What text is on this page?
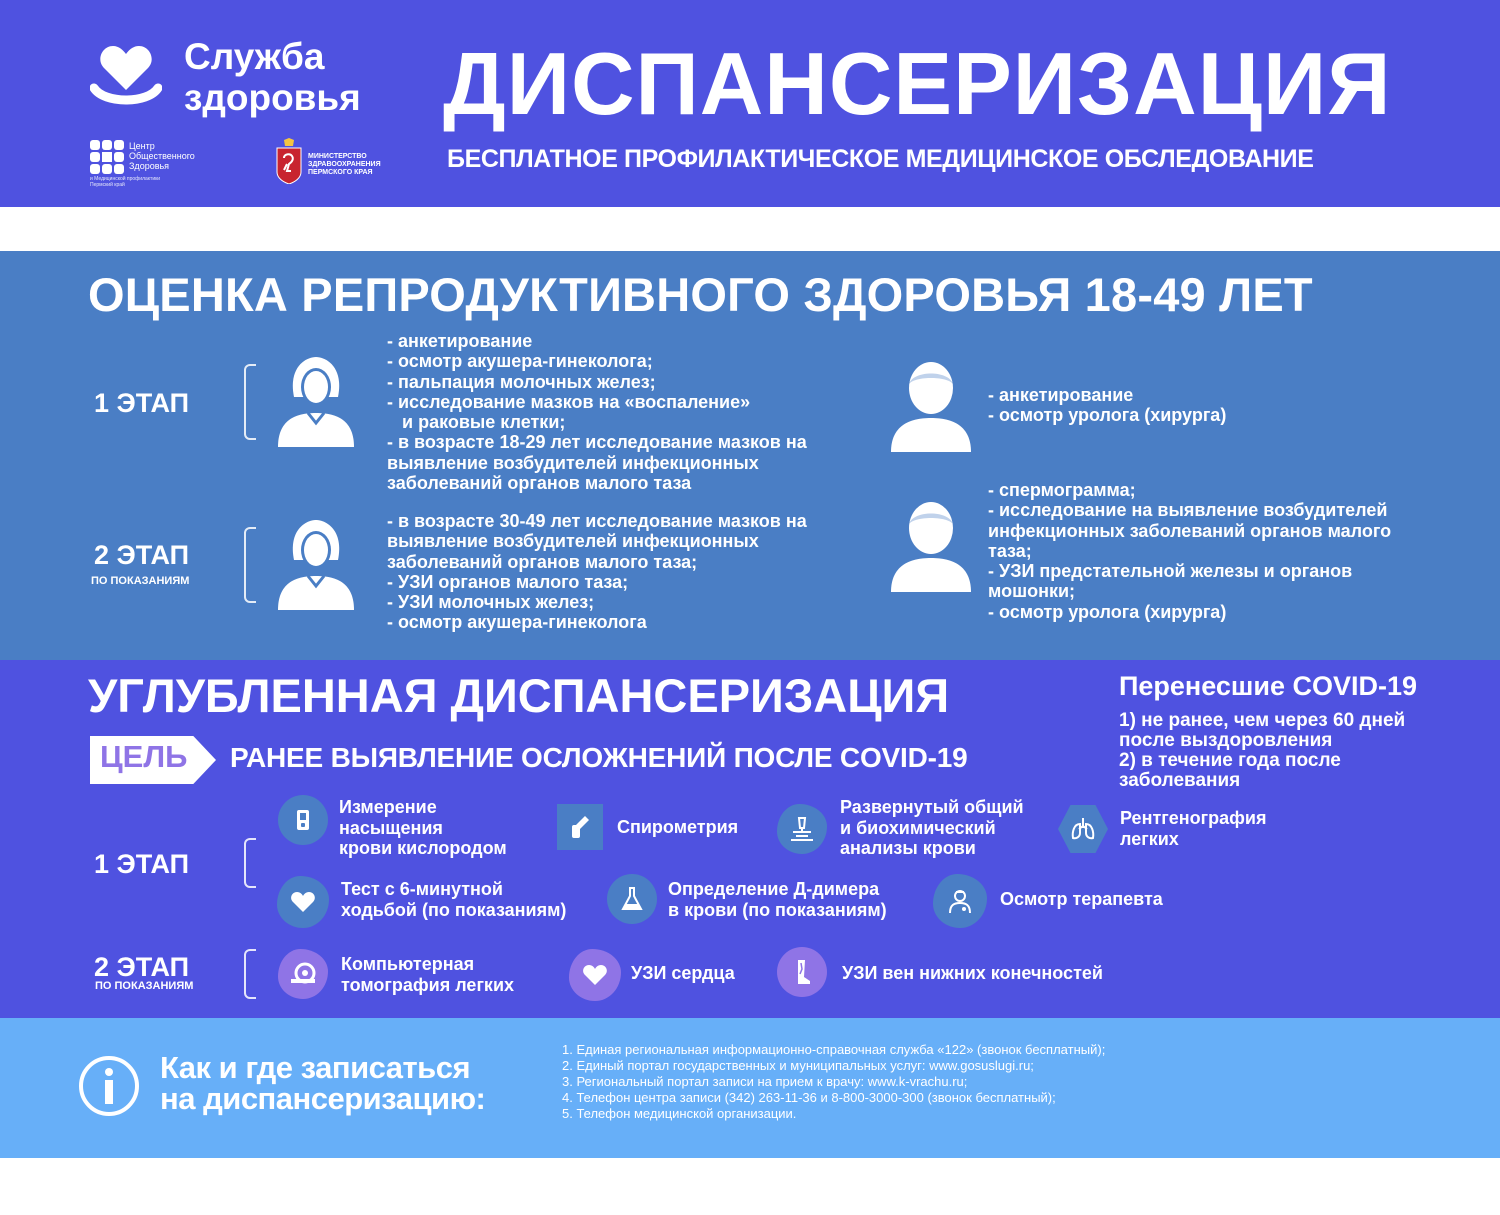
Служба
здоровья
Центр
Общественного
Здоровья
и Медицинской профилактики
Пермский край
МИНИСТЕРСТВО
ЗДРАВООХРАНЕНИЯ
ПЕРМСКОГО КРАЯ
ДИСПАНСЕРИЗАЦИЯ
БЕСПЛАТНОЕ ПРОФИЛАКТИЧЕСКОЕ МЕДИЦИНСКОЕ ОБСЛЕДОВАНИЕ
ОЦЕНКА РЕПРОДУКТИВНОГО ЗДОРОВЬЯ 18-49 ЛЕТ
1 ЭТАП
2 ЭТАП
ПО ПОКАЗАНИЯМ
- анкетирование
- осмотр акушера-гинеколога;
- пальпация молочных желез;
- исследование мазков на «воспаление»
и раковые клетки;
- в возрасте 18-29 лет исследование мазков на
выявление возбудителей инфекционных
заболеваний органов малого таза
- в возрасте 30-49 лет исследование мазков на
выявление возбудителей инфекционных
заболеваний органов малого таза;
- УЗИ органов малого таза;
- УЗИ молочных желез;
- осмотр акушера-гинеколога
- анкетирование
- осмотр уролога (хирурга)
- спермограмма;
- исследование на выявление возбудителей
инфекционных заболеваний органов малого
таза;
- УЗИ предстательной железы и органов
мошонки;
- осмотр уролога (хирурга)
УГЛУБЛЕННАЯ ДИСПАНСЕРИЗАЦИЯ
ЦЕЛЬ РАНЕЕ ВЫЯВЛЕНИЕ ОСЛОЖНЕНИЙ ПОСЛЕ COVID-19
Перенесшие COVID-19
1) не ранее, чем через 60 дней
после выздоровления
2) в течение года после
заболевания
1 ЭТАП
2 ЭТАП
ПО ПОКАЗАНИЯМ
Измерение
насыщения
крови кислородом
Спирометрия
Развернутый общий
и биохимический
анализы крови
Рентгенография
легких
Тест с 6-минутной
ходьбой (по показаниям)
Определение Д-димера
в крови (по показаниям)
Осмотр терапевта
Компьютерная
томография легких
УЗИ сердца	УЗИ вен нижних конечностей
Как и где записаться
на диспансеризацию:
1. Единая региональная информационно-справочная служба «122» (звонок бесплатный);
2. Единый портал государственных и муниципальных услуг: www.gosuslugi.ru;
3. Региональный портал записи на прием к врачу: www.k-vrachu.ru;
4. Телефон центра записи (342) 263-11-36 и 8-800-3000-300 (звонок бесплатный);
5. Телефон медицинской организации.
